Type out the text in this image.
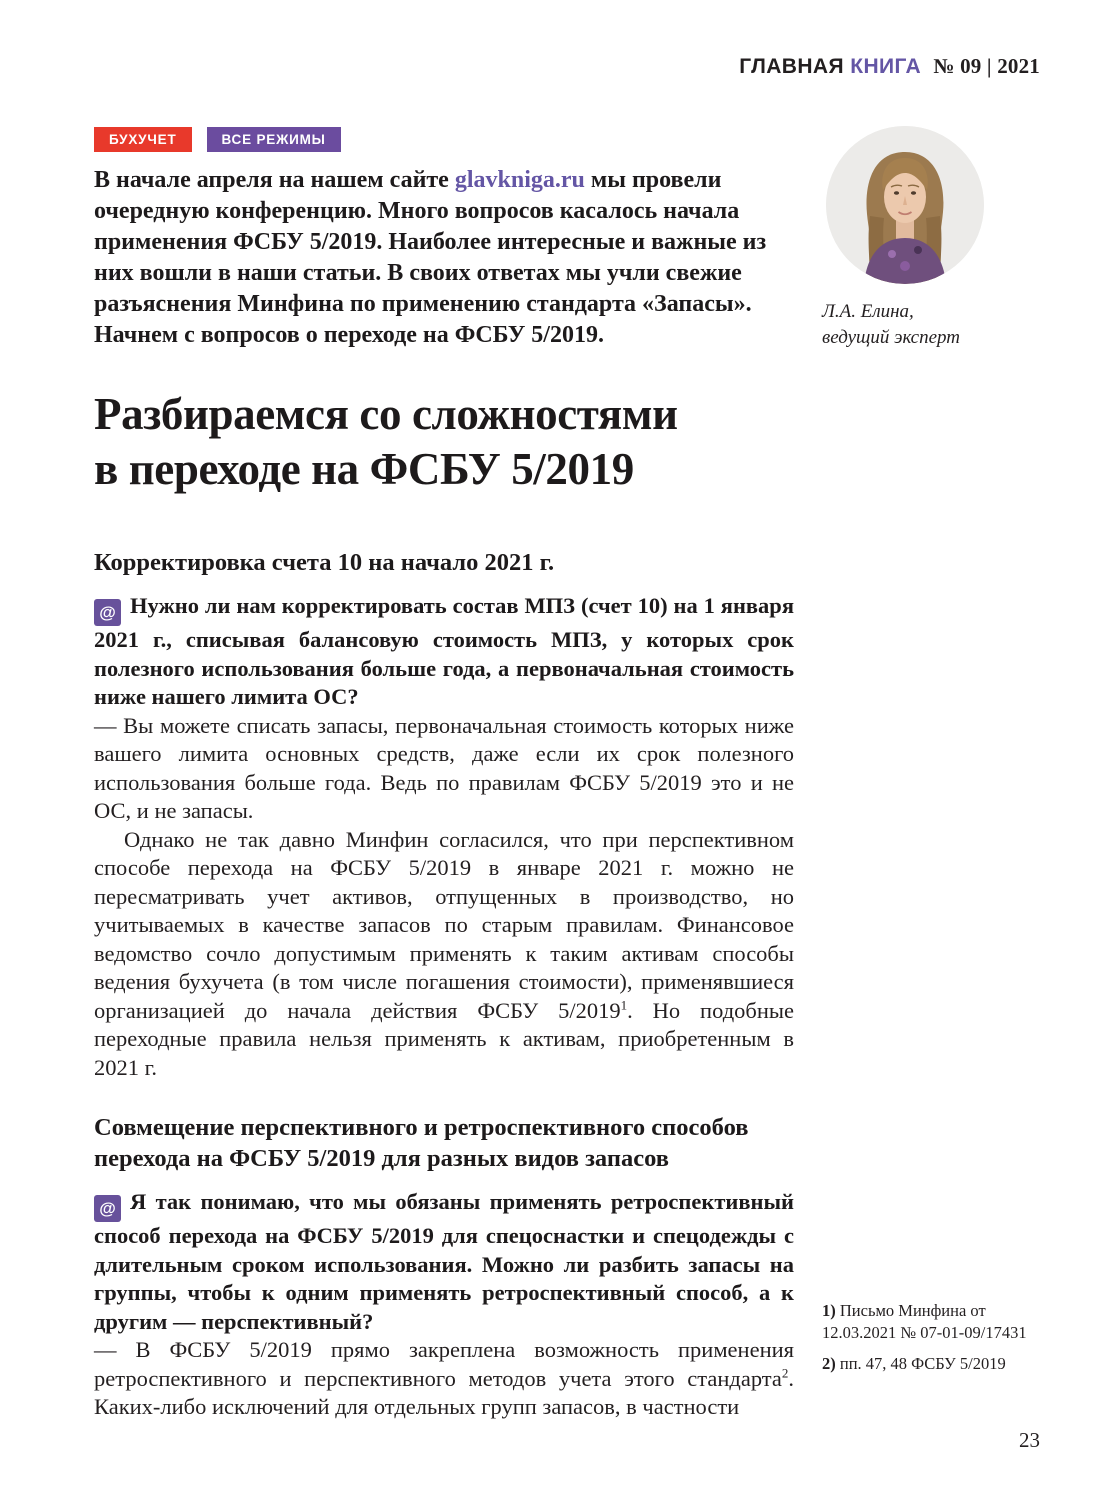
ГЛАВНАЯ КНИГА № 09 | 2021
БУХУЧЕТ	ВСЕ РЕЖИМЫ

В начале апреля на нашем сайте glavkniga.ru мы провели очередную конференцию. Много вопросов касалось начала применения ФСБУ 5/2019. Наиболее интересные и важные из них вошли в наши статьи. В своих ответах мы учли свежие разъяснения Минфина по применению стандарта «Запасы». Начнем с вопросов о переходе на ФСБУ 5/2019.

Разбираемся со сложностями
в переходе на ФСБУ 5/2019
Корректировка счета 10 на начало 2021 г.

@ Нужно ли нам корректировать состав МПЗ (счет 10) на 1 января 2021 г., списывая балансовую стоимость МПЗ, у которых срок полезного использования больше года, а первоначальная стоимость ниже нашего лимита ОС?

— Вы можете списать запасы, первоначальная стоимость которых ниже вашего лимита основных средств, даже если их срок полезного использования больше года. Ведь по правилам ФСБУ 5/2019 это и не ОС, и не запасы.

Однако не так давно Минфин согласился, что при перспективном способе перехода на ФСБУ 5/2019 в январе 2021 г. можно не пересматривать учет активов, отпущенных в производство, но учитываемых в качестве запасов по старым правилам. Финансовое ведомство сочло допустимым применять к таким активам способы ведения бухучета (в том числе погашения стоимости), применявшиеся организацией до начала действия ФСБУ 5/2019$^1$. Но подобные переходные правила нельзя применять к активам, приобретенным в 2021 г.

Совмещение перспективного и ретроспективного способов перехода на ФСБУ 5/2019 для разных видов запасов

@ Я так понимаю, что мы обязаны применять ретроспективный способ перехода на ФСБУ 5/2019 для спецоснастки и спецодежды с длительным сроком использования. Можно ли разбить запасы на группы, чтобы к одним применять ретроспективный способ, а к другим — перспективный?

— В ФСБУ 5/2019 прямо закреплена возможность применения ретроспективного и перспективного методов учета этого стандарта$^2$. Каких-либо исключений для отдельных групп запасов, в частности

Л.А. Елина,
ведущий эксперт
1) Письмо Минфина от 12.03.2021 № 07-01-09/17431
2) пп. 47, 48 ФСБУ 5/2019
23
